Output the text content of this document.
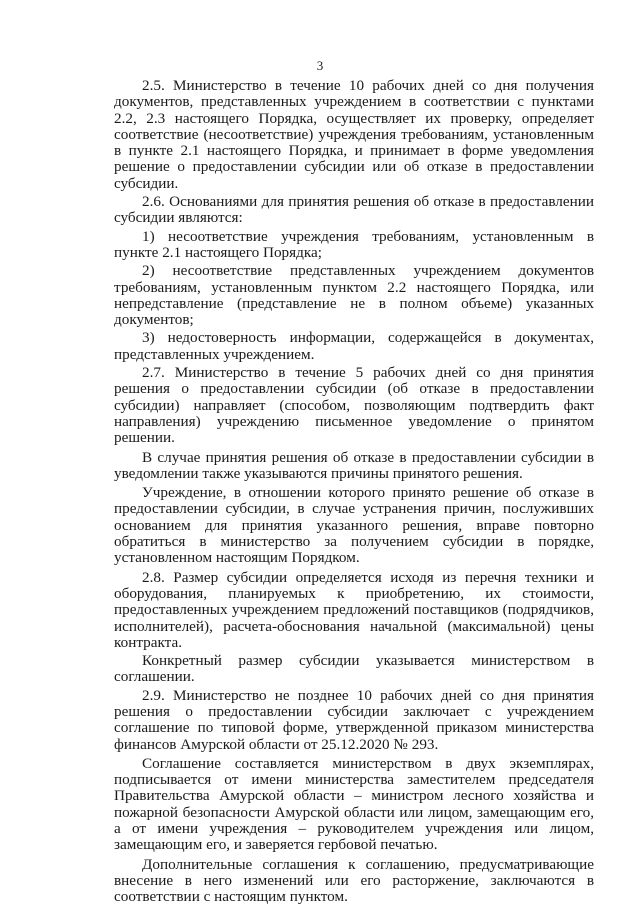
3

2.5. Министерство в течение 10 рабочих дней со дня получения документов, представленных учреждением в соответствии с пунктами 2.2, 2.3 настоящего Порядка, осуществляет их проверку, определяет соответствие (несоответствие) учреждения требованиям, установленным в пункте 2.1 настоящего Порядка, и принимает в форме уведомления решение о предоставлении субсидии или об отказе в предоставлении субсидии.

2.6. Основаниями для принятия решения об отказе в предоставлении субсидии являются:

1) несоответствие учреждения требованиям, установленным в пункте 2.1 настоящего Порядка;

2) несоответствие представленных учреждением документов требованиям, установленным пунктом 2.2 настоящего Порядка, или непредставление (представление не в полном объеме) указанных документов;

3) недостоверность информации, содержащейся в документах, представленных учреждением.

2.7. Министерство в течение 5 рабочих дней со дня принятия решения о предоставлении субсидии (об отказе в предоставлении субсидии) направляет (способом, позволяющим подтвердить факт направления) учреждению письменное уведомление о принятом решении.

В случае принятия решения об отказе в предоставлении субсидии в уведомлении также указываются причины принятого решения.

Учреждение, в отношении которого принято решение об отказе в предоставлении субсидии, в случае устранения причин, послуживших основанием для принятия указанного решения, вправе повторно обратиться в министерство за получением субсидии в порядке, установленном настоящим Порядком.

2.8. Размер субсидии определяется исходя из перечня техники и оборудования, планируемых к приобретению, их стоимости, предоставленных учреждением предложений поставщиков (подрядчиков, исполнителей), расчета-обоснования начальной (максимальной) цены контракта.

Конкретный размер субсидии указывается министерством в соглашении.

2.9. Министерство не позднее 10 рабочих дней со дня принятия решения о предоставлении субсидии заключает с учреждением соглашение по типовой форме, утвержденной приказом министерства финансов Амурской области от 25.12.2020 № 293.

Соглашение составляется министерством в двух экземплярах, подписывается от имени министерства заместителем председателя Правительства Амурской области – министром лесного хозяйства и пожарной безопасности Амурской области или лицом, замещающим его, а от имени учреждения – руководителем учреждения или лицом, замещающим его, и заверяется гербовой печатью.

Дополнительные соглашения к соглашению, предусматривающие внесение в него изменений или его расторжение, заключаются в соответствии с настоящим пунктом.
